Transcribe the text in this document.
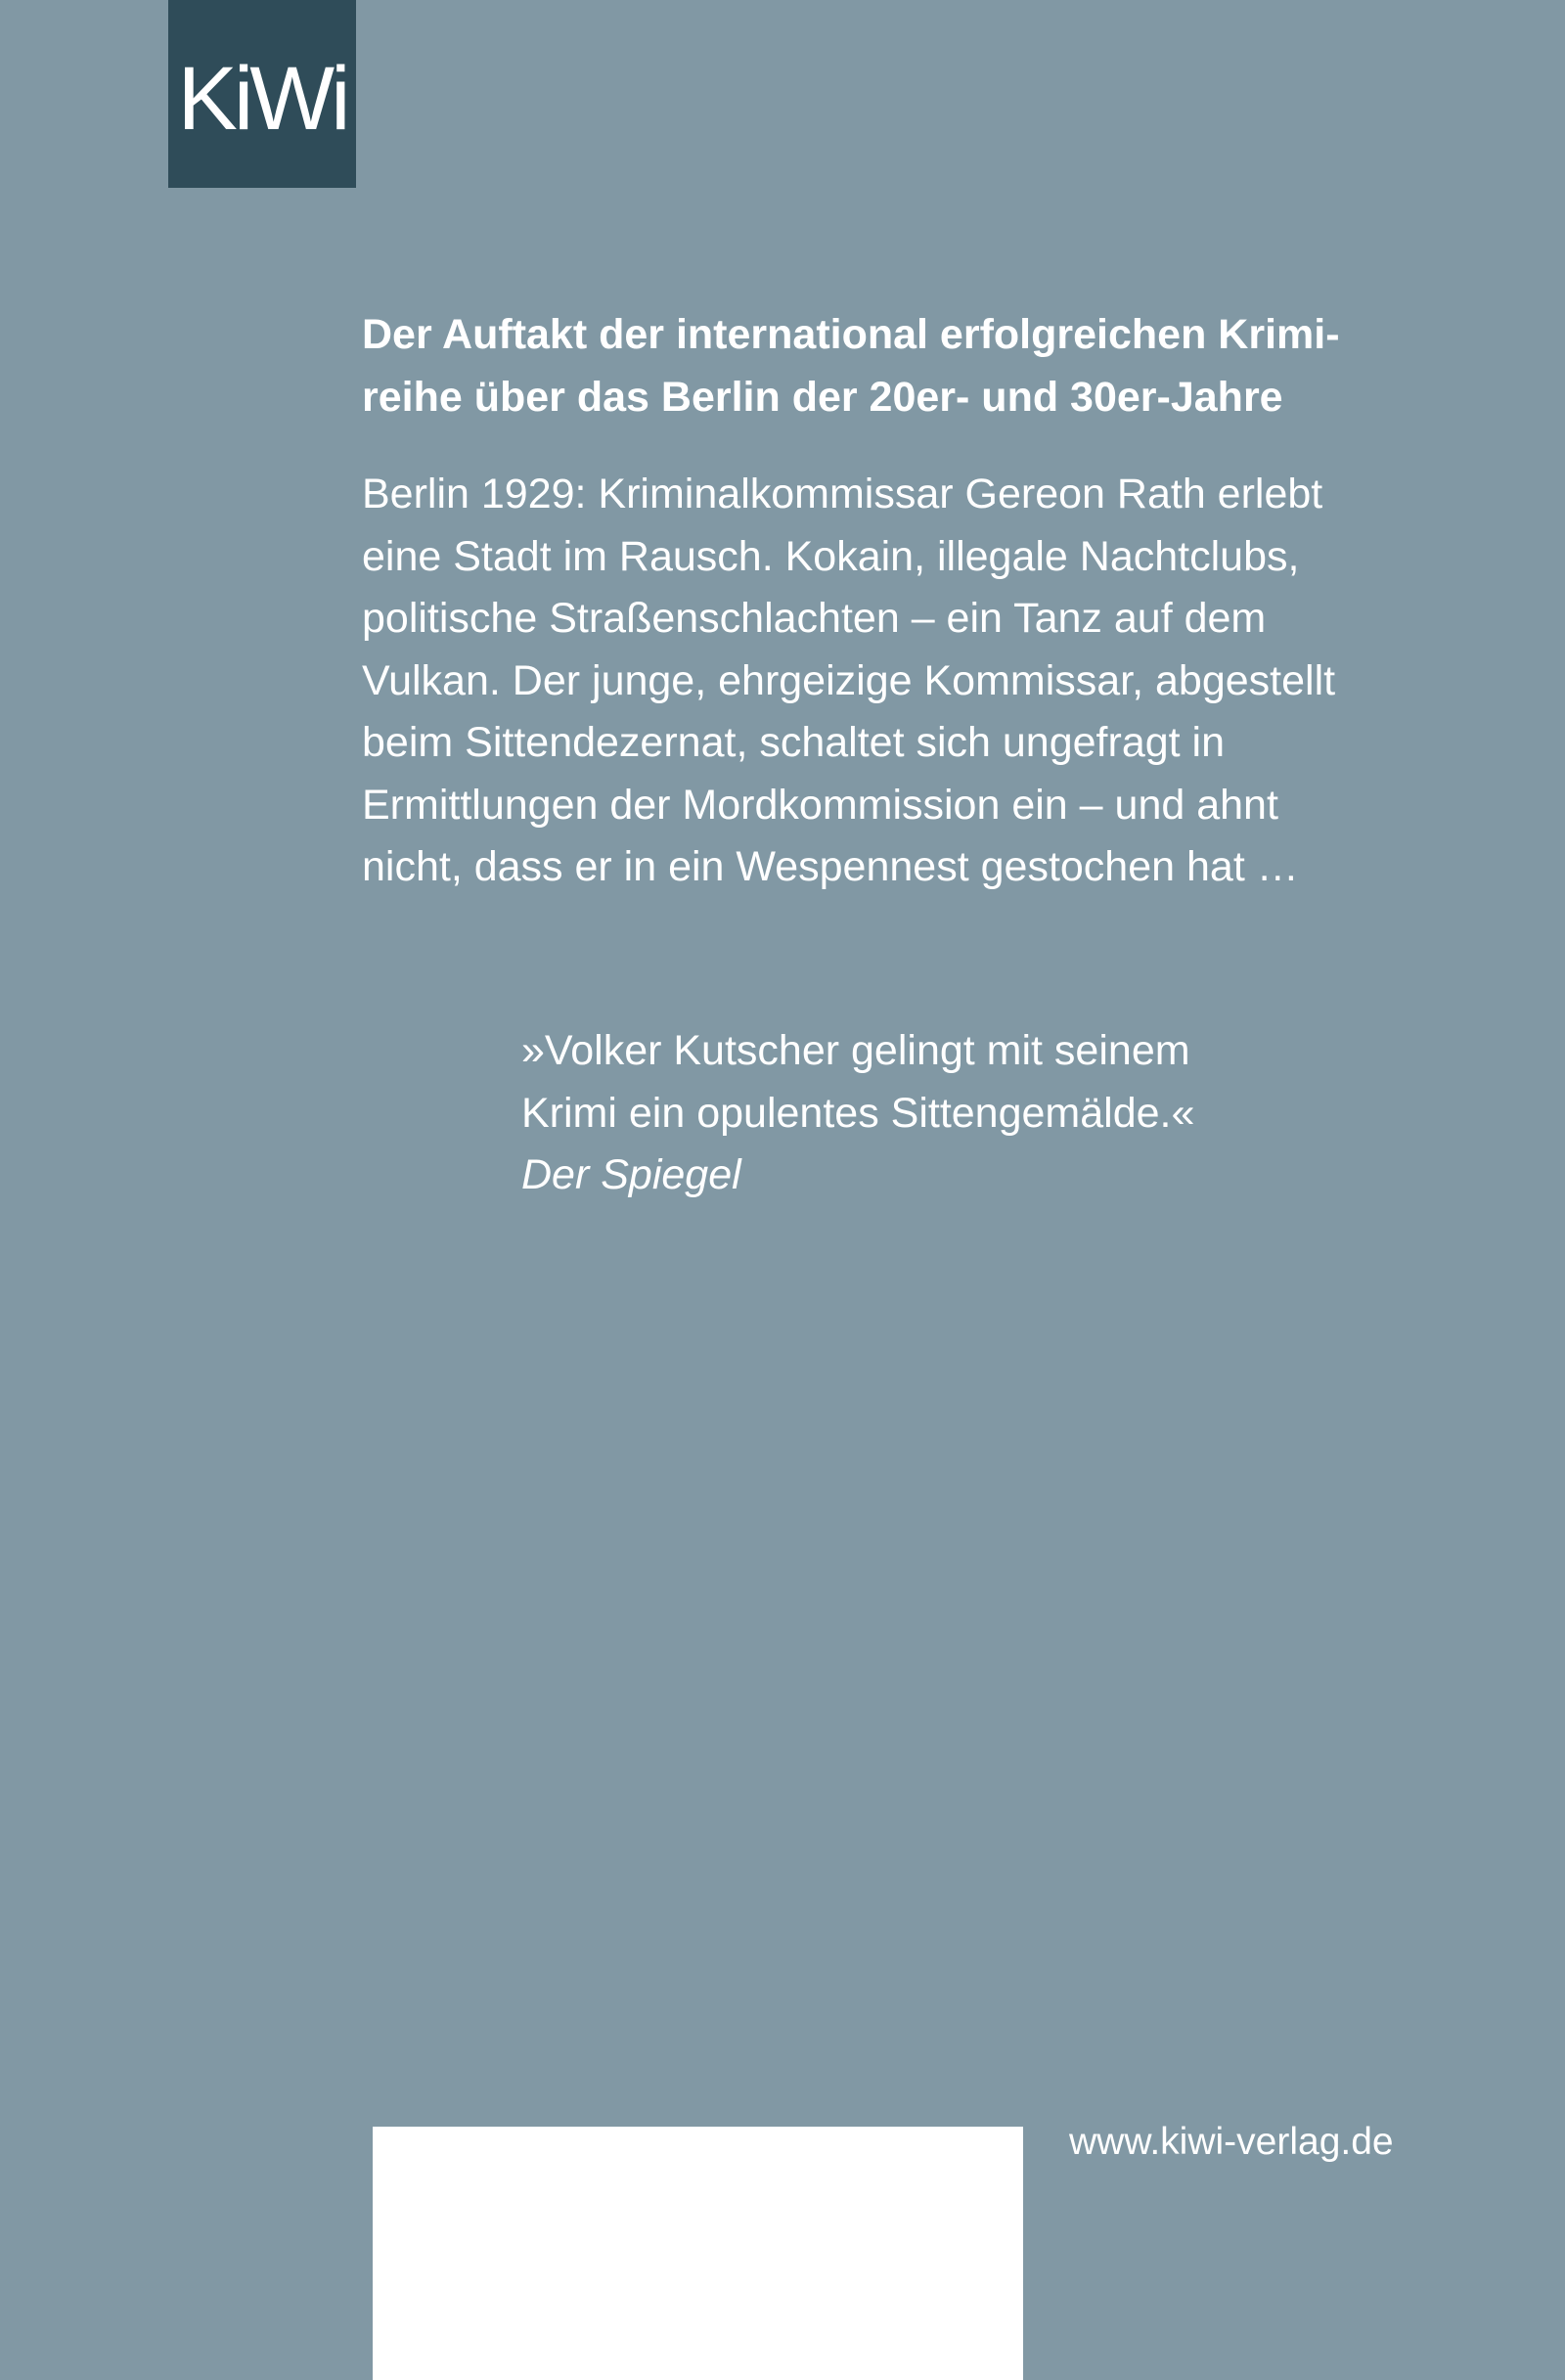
KiWi

Der Auftakt der international erfolgreichen Krimi-
reihe über das Berlin der 20er- und 30er-Jahre

Berlin 1929: Kriminalkommissar Gereon Rath erlebt
eine Stadt im Rausch. Kokain, illegale Nachtclubs,
politische Straßenschlachten – ein Tanz auf dem
Vulkan. Der junge, ehrgeizige Kommissar, abgestellt
beim Sittendezernat, schaltet sich ungefragt in
Ermittlungen der Mordkommission ein – und ahnt
nicht, dass er in ein Wespennest gestochen hat …

»Volker Kutscher gelingt mit seinem
Krimi ein opulentes Sittengemälde.«
Der Spiegel

www.kiwi-verlag.de
